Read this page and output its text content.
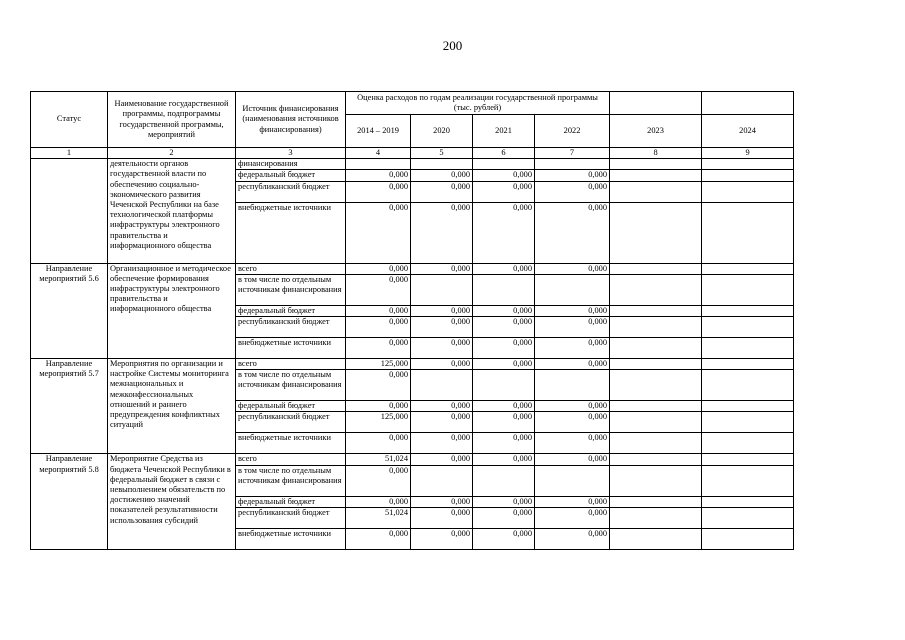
200
Статус	Наименование государственной программы, подпрограммы государственной программы, мероприятий	Источник финансирования (наименования источников финансирования)	Оценка расходов по годам реализации государственной программы (тыс. рублей)					
			2014 – 2019	2020	2021	2022	2023	2024
1	2	3	4	5	6	7	8	9
	деятельности органов государственной власти по обеспечению социально-экономического развития Чеченской Республики на базе технологической платформы инфраструктуры электронного правительства и информационного общества	финансирования						
		федеральный бюджет	0,000	0,000	0,000	0,000		
		республиканский бюджет	0,000	0,000	0,000	0,000		
		внебюджетные источники	0,000	0,000	0,000	0,000		
Направление мероприятий 5.6	Организационное и методическое обеспечение формирования инфраструктуры электронного правительства и информационного общества	всего	0,000	0,000	0,000	0,000		
		в том числе по отдельным источникам финансирования	0,000					
		федеральный бюджет	0,000	0,000	0,000	0,000		
		республиканский бюджет	0,000	0,000	0,000	0,000		
		внебюджетные источники	0,000	0,000	0,000	0,000		
Направление мероприятий 5.7	Мероприятия по организации и настройке Системы мониторинга межнациональных и межконфессиональных отношений и раннего предупреждения конфликтных ситуаций	всего	125,000	0,000	0,000	0,000		
		в том числе по отдельным источникам финансирования	0,000					
		федеральный бюджет	0,000	0,000	0,000	0,000		
		республиканский бюджет	125,000	0,000	0,000	0,000		
		внебюджетные источники	0,000	0,000	0,000	0,000		
Направление мероприятий 5.8	Мероприятие Средства из бюджета Чеченской Республики в федеральный бюджет в связи с невыполнением обязательств по достижению значений показателей результативности использования субсидий	всего	51,024	0,000	0,000	0,000		
		в том числе по отдельным источникам финансирования	0,000					
		федеральный бюджет	0,000	0,000	0,000	0,000		
		республиканский бюджет	51,024	0,000	0,000	0,000		
		внебюджетные источники	0,000	0,000	0,000	0,000		
